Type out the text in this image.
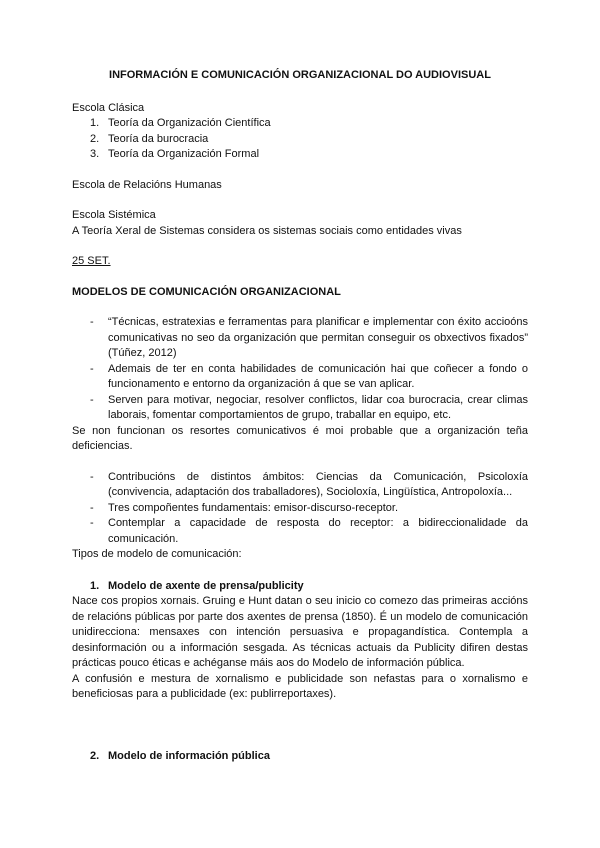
INFORMACIÓN E COMUNICACIÓN ORGANIZACIONAL DO AUDIOVISUAL

Escola Clásica

1. Teoría da Organización Científica
2. Teoría da burocracia
3. Teoría da Organización Formal

Escola de Relacións Humanas

Escola Sistémica

A Teoría Xeral de Sistemas considera os sistemas sociais como entidades vivas

25 SET.

MODELOS DE COMUNICACIÓN ORGANIZACIONAL

-	“Técnicas, estratexias e ferramentas para planificar e implementar con éxito accioóns comunicativas no seo da organización que permitan conseguir os obxectivos fixados” (Túñez, 2012)
-	Ademais de ter en conta habilidades de comunicación hai que coñecer a fondo o funcionamento e entorno da organización á que se van aplicar.
-	Serven para motivar, negociar, resolver conflictos, lidar coa burocracia, crear climas laborais, fomentar comportamientos de grupo, traballar en equipo, etc.

Se non funcionan os resortes comunicativos é moi probable que a organización teña deficiencias.

-	Contribucións de distintos ámbitos: Ciencias da Comunicación, Psicoloxía (convivencia, adaptación dos traballadores), Socioloxía, Lingüística, Antropoloxía...
-	Tres compoñentes fundamentais: emisor-discurso-receptor.
-	Contemplar a capacidade de resposta do receptor: a bidireccionalidade da comunicación.

Tipos de modelo de comunicación:

1. Modelo de axente de prensa/publicity

Nace cos propios xornais. Gruing e Hunt datan o seu inicio co comezo das primeiras accións de relacións públicas por parte dos axentes de prensa (1850). É un modelo de comunicación unidirecciona: mensaxes con intención persuasiva e propagandística. Contempla a desinformación ou a información sesgada. As técnicas actuais da Publicity difiren destas prácticas pouco éticas e achéganse máis aos do Modelo de información pública.

A confusión e mestura de xornalismo e publicidade son nefastas para o xornalismo e beneficiosas para a publicidade (ex: publirreportaxes).

2. Modelo de información pública
